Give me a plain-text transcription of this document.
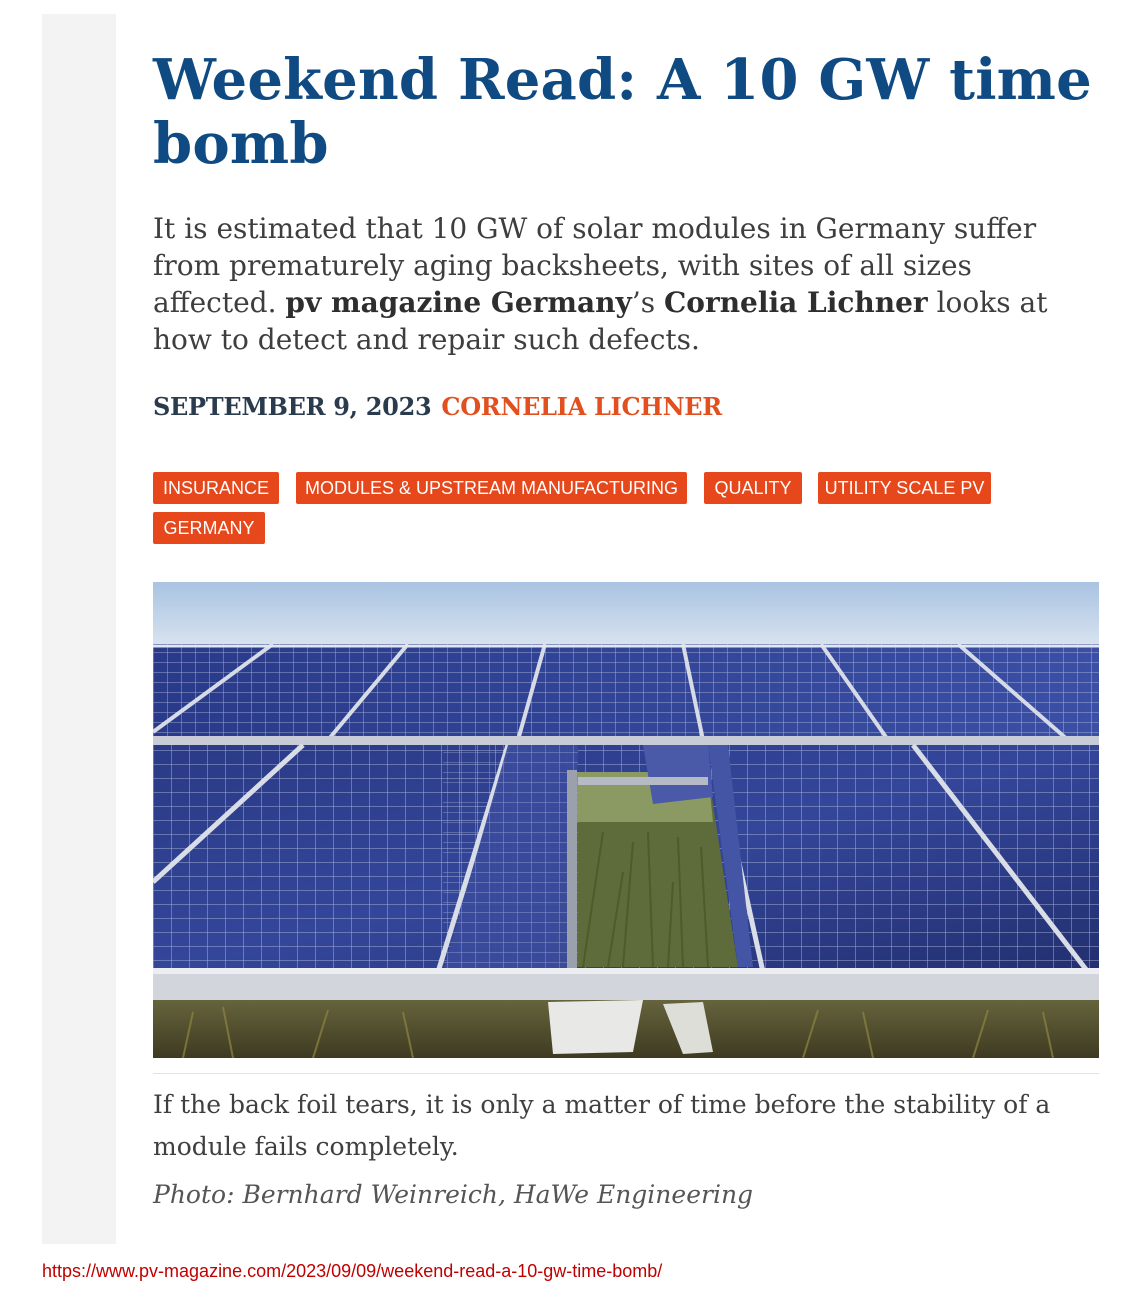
Weekend Read: A 10 GW time bomb

It is estimated that 10 GW of solar modules in Germany suffer from prematurely aging backsheets, with sites of all sizes affected. pv magazine Germany’s Cornelia Lichner looks at how to detect and repair such defects.

SEPTEMBER 9, 2023 CORNELIA LICHNER
INSURANCE	MODULES & UPSTREAM MANUFACTURING	QUALITY	UTILITY SCALE PV
GERMANY

If the back foil tears, it is only a matter of time before the stability of a module fails completely.

Photo: Bernhard Weinreich, HaWe Engineering
https://www.pv-magazine.com/2023/09/09/weekend-read-a-10-gw-time-bomb/
